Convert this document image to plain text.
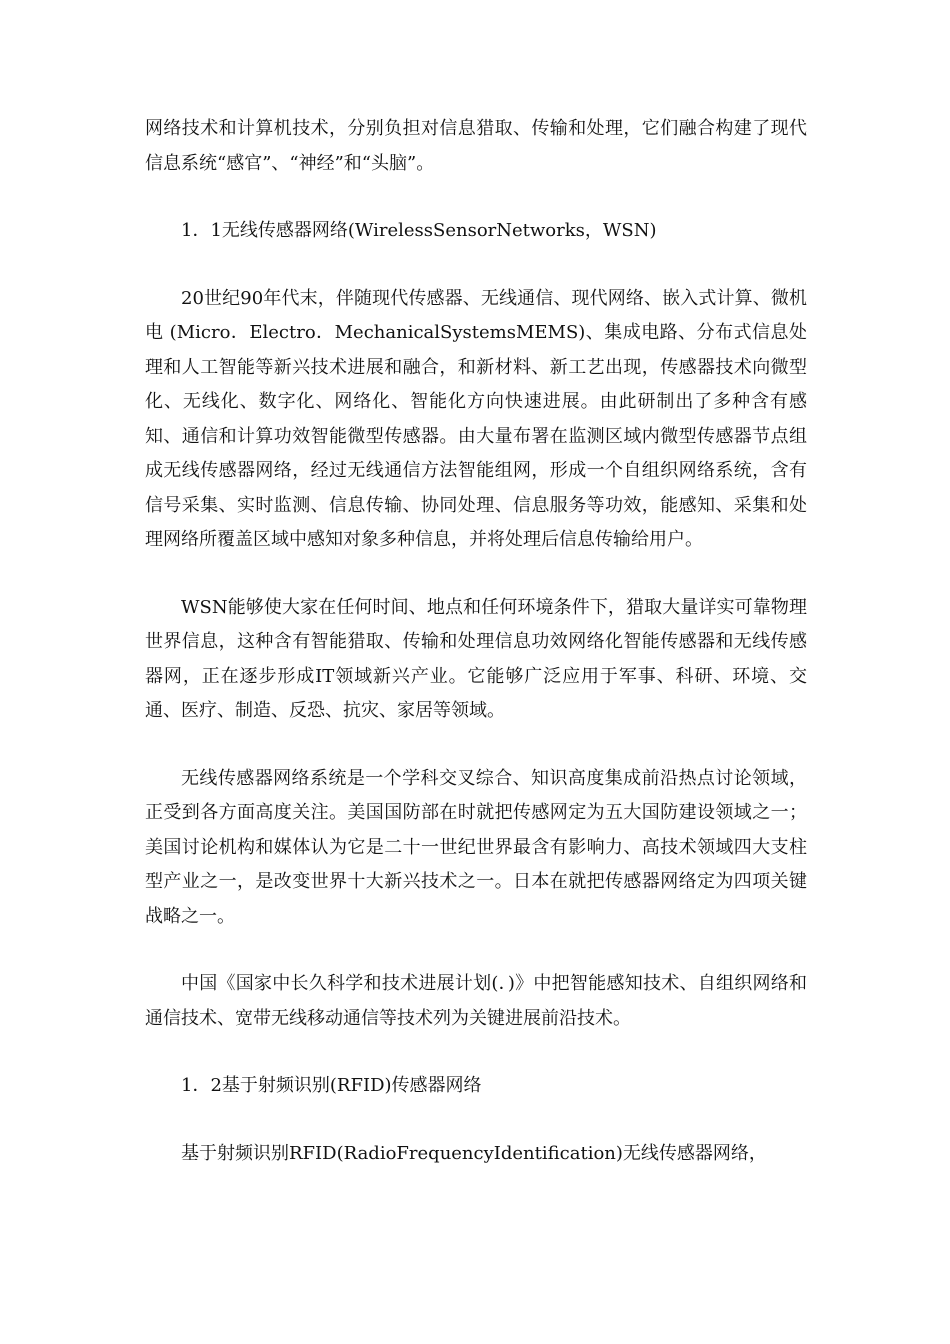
网络技术和计算机技术，分别负担对信息猎取、传输和处理，它们融合构建了现代信息系统“感官”、“神经”和“头脑”。

1．1无线传感器网络(WirelessSensorNetworks，WSN)

20世纪90年代末，伴随现代传感器、无线通信、现代网络、嵌入式计算、微机电 (Micro．Electro．MechanicalSystemsMEMS)、集成电路、分布式信息处理和人工智能等新兴技术进展和融合，和新材料、新工艺出现，传感器技术向微型化、无线化、数字化、网络化、智能化方向快速进展。由此研制出了多种含有感知、通信和计算功效智能微型传感器。由大量布署在监测区域内微型传感器节点组成无线传感器网络，经过无线通信方法智能组网，形成一个自组织网络系统，含有信号采集、实时监测、信息传输、协同处理、信息服务等功效，能感知、采集和处理网络所覆盖区域中感知对象多种信息，并将处理后信息传输给用户。

WSN能够使大家在任何时间、地点和任何环境条件下，猎取大量详实可靠物理世界信息，这种含有智能猎取、传输和处理信息功效网络化智能传感器和无线传感器网，正在逐步形成IT领域新兴产业。它能够广泛应用于军事、科研、环境、交通、医疗、制造、反恐、抗灾、家居等领域。

无线传感器网络系统是一个学科交叉综合、知识高度集成前沿热点讨论领域，正受到各方面高度关注。美国国防部在时就把传感网定为五大国防建设领域之一；美国讨论机构和媒体认为它是二十一世纪世界最含有影响力、高技术领域四大支柱型产业之一，是改变世界十大新兴技术之一。日本在就把传感器网络定为四项关键战略之一。

中国《国家中长久科学和技术进展计划(．)》中把智能感知技术、自组织网络和通信技术、宽带无线移动通信等技术列为关键进展前沿技术。

1．2基于射频识别(RFID)传感器网络

基于射频识别RFID(RadioFrequencyIdentification)无线传感器网络，
